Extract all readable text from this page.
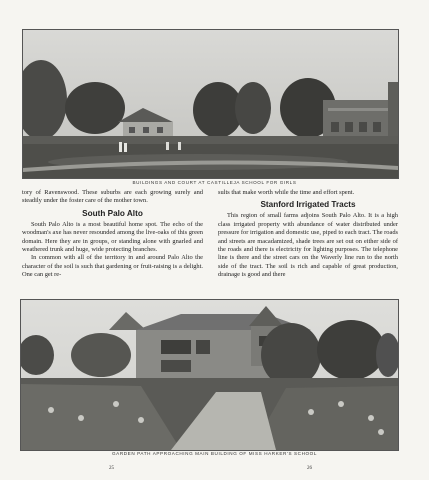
BUILDINGS AND COURT AT CASTILLEJA SCHOOL FOR GIRLS

tory of Ravenswood. These suburbs are each growing surely and steadily under the foster care of the mother town.

South Palo Alto

South Palo Alto is a most beautiful home spot. The echo of the woodman's axe has never resounded among the live-oaks of this green domain. Here they are in groups, or standing alone with gnarled and weathered trunk and huge, wide protecting branches.

In common with all of the territory in and around Palo Alto the character of the soil is such that gardening or fruit-raising is a delight. One can get re-

sults that make worth while the time and effort spent.

Stanford Irrigated Tracts

This region of small farms adjoins South Palo Alto. It is a high class irrigated property with abundance of water distributed under pressure for irrigation and domestic use, piped to each tract. The roads and streets are macadamized, shade trees are set out on either side of the roads and there is electricity for lighting purposes. The telephone line is there and the street cars on the Waverly line run to the north side of the tract. The soil is rich and capable of great production, drainage is good and there

GARDEN PATH APPROACHING MAIN BUILDING OF MISS HARKER'S SCHOOL
25	26
